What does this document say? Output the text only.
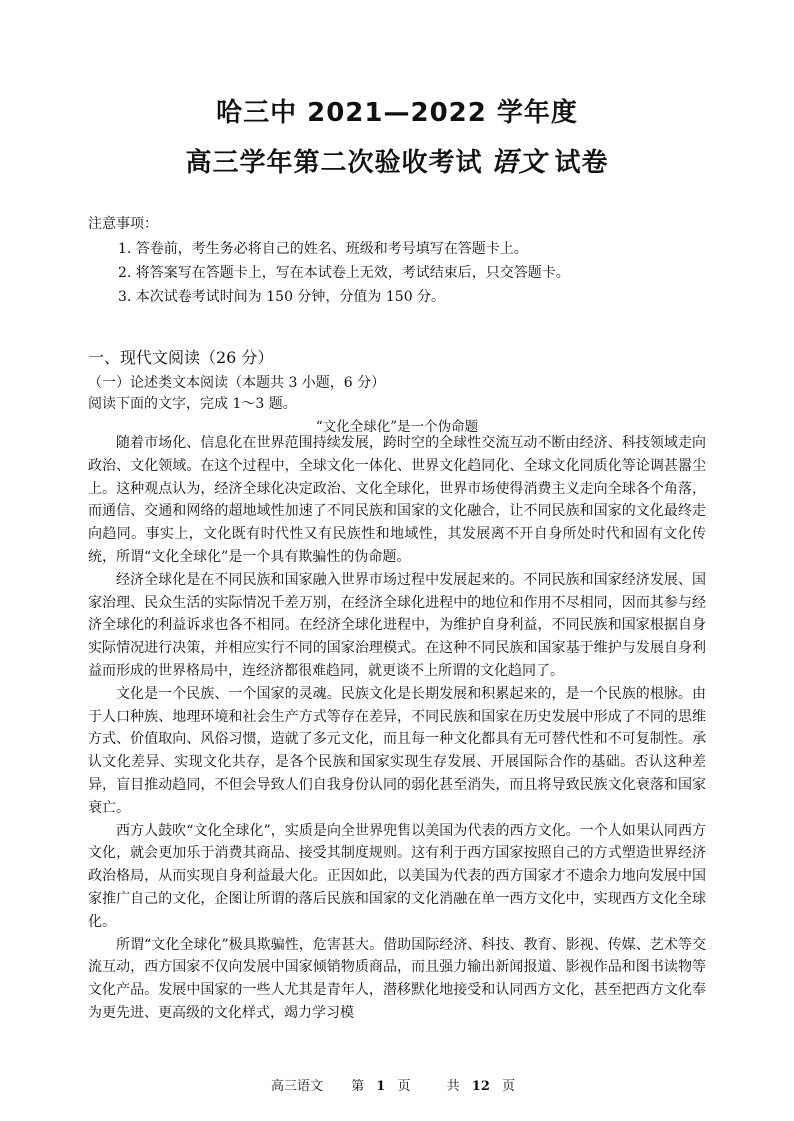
哈三中 2021—2022 学年度
高三学年第二次验收考试 语文 试卷
注意事项：
1. 答卷前，考生务必将自己的姓名、班级和考号填写在答题卡上。
2. 将答案写在答题卡上，写在本试卷上无效，考试结束后，只交答题卡。
3. 本次试卷考试时间为 150 分钟，分值为 150 分。
一、现代文阅读（26 分）
（一）论述类文本阅读（本题共 3 小题，6 分）
阅读下面的文字，完成 1～3 题。
“文化全球化”是一个伪命题

随着市场化、信息化在世界范围持续发展，跨时空的全球性交流互动不断由经济、科技领域走向政治、文化领域。在这个过程中，全球文化一体化、世界文化趋同化、全球文化同质化等论调甚嚣尘上。这种观点认为，经济全球化决定政治、文化全球化，世界市场使得消费主义走向全球各个角落，而通信、交通和网络的超地域性加速了不同民族和国家的文化融合，让不同民族和国家的文化最终走向趋同。事实上，文化既有时代性又有民族性和地域性，其发展离不开自身所处时代和固有文化传统，所谓“文化全球化”是一个具有欺骗性的伪命题。

经济全球化是在不同民族和国家融入世界市场过程中发展起来的。不同民族和国家经济发展、国家治理、民众生活的实际情况千差万别，在经济全球化进程中的地位和作用不尽相同，因而其参与经济全球化的利益诉求也各不相同。在经济全球化进程中，为维护自身利益，不同民族和国家根据自身实际情况进行决策，并相应实行不同的国家治理模式。在这种不同民族和国家基于维护与发展自身利益而形成的世界格局中，连经济都很难趋同，就更谈不上所谓的文化趋同了。

文化是一个民族、一个国家的灵魂。民族文化是长期发展和积累起来的，是一个民族的根脉。由于人口种族、地理环境和社会生产方式等存在差异，不同民族和国家在历史发展中形成了不同的思维方式、价值取向、风俗习惯，造就了多元文化，而且每一种文化都具有无可替代性和不可复制性。承认文化差异、实现文化共存，是各个民族和国家实现生存发展、开展国际合作的基础。否认这种差异，盲目推动趋同，不但会导致人们自我身份认同的弱化甚至消失，而且将导致民族文化衰落和国家衰亡。

西方人鼓吹“文化全球化”，实质是向全世界兜售以美国为代表的西方文化。一个人如果认同西方文化，就会更加乐于消费其商品、接受其制度规则。这有利于西方国家按照自己的方式塑造世界经济政治格局，从而实现自身利益最大化。正因如此，以美国为代表的西方国家才不遗余力地向发展中国家推广自己的文化，企图让所谓的落后民族和国家的文化消融在单一西方文化中，实现西方文化全球化。

所谓“文化全球化”极具欺骗性，危害甚大。借助国际经济、科技、教育、影视、传媒、艺术等交流互动，西方国家不仅向发展中国家倾销物质商品，而且强力输出新闻报道、影视作品和图书读物等文化产品。发展中国家的一些人尤其是青年人，潜移默化地接受和认同西方文化，甚至把西方文化奉为更先进、更高级的文化样式，竭力学习模

高三语文 第 1 页	共 12 页
